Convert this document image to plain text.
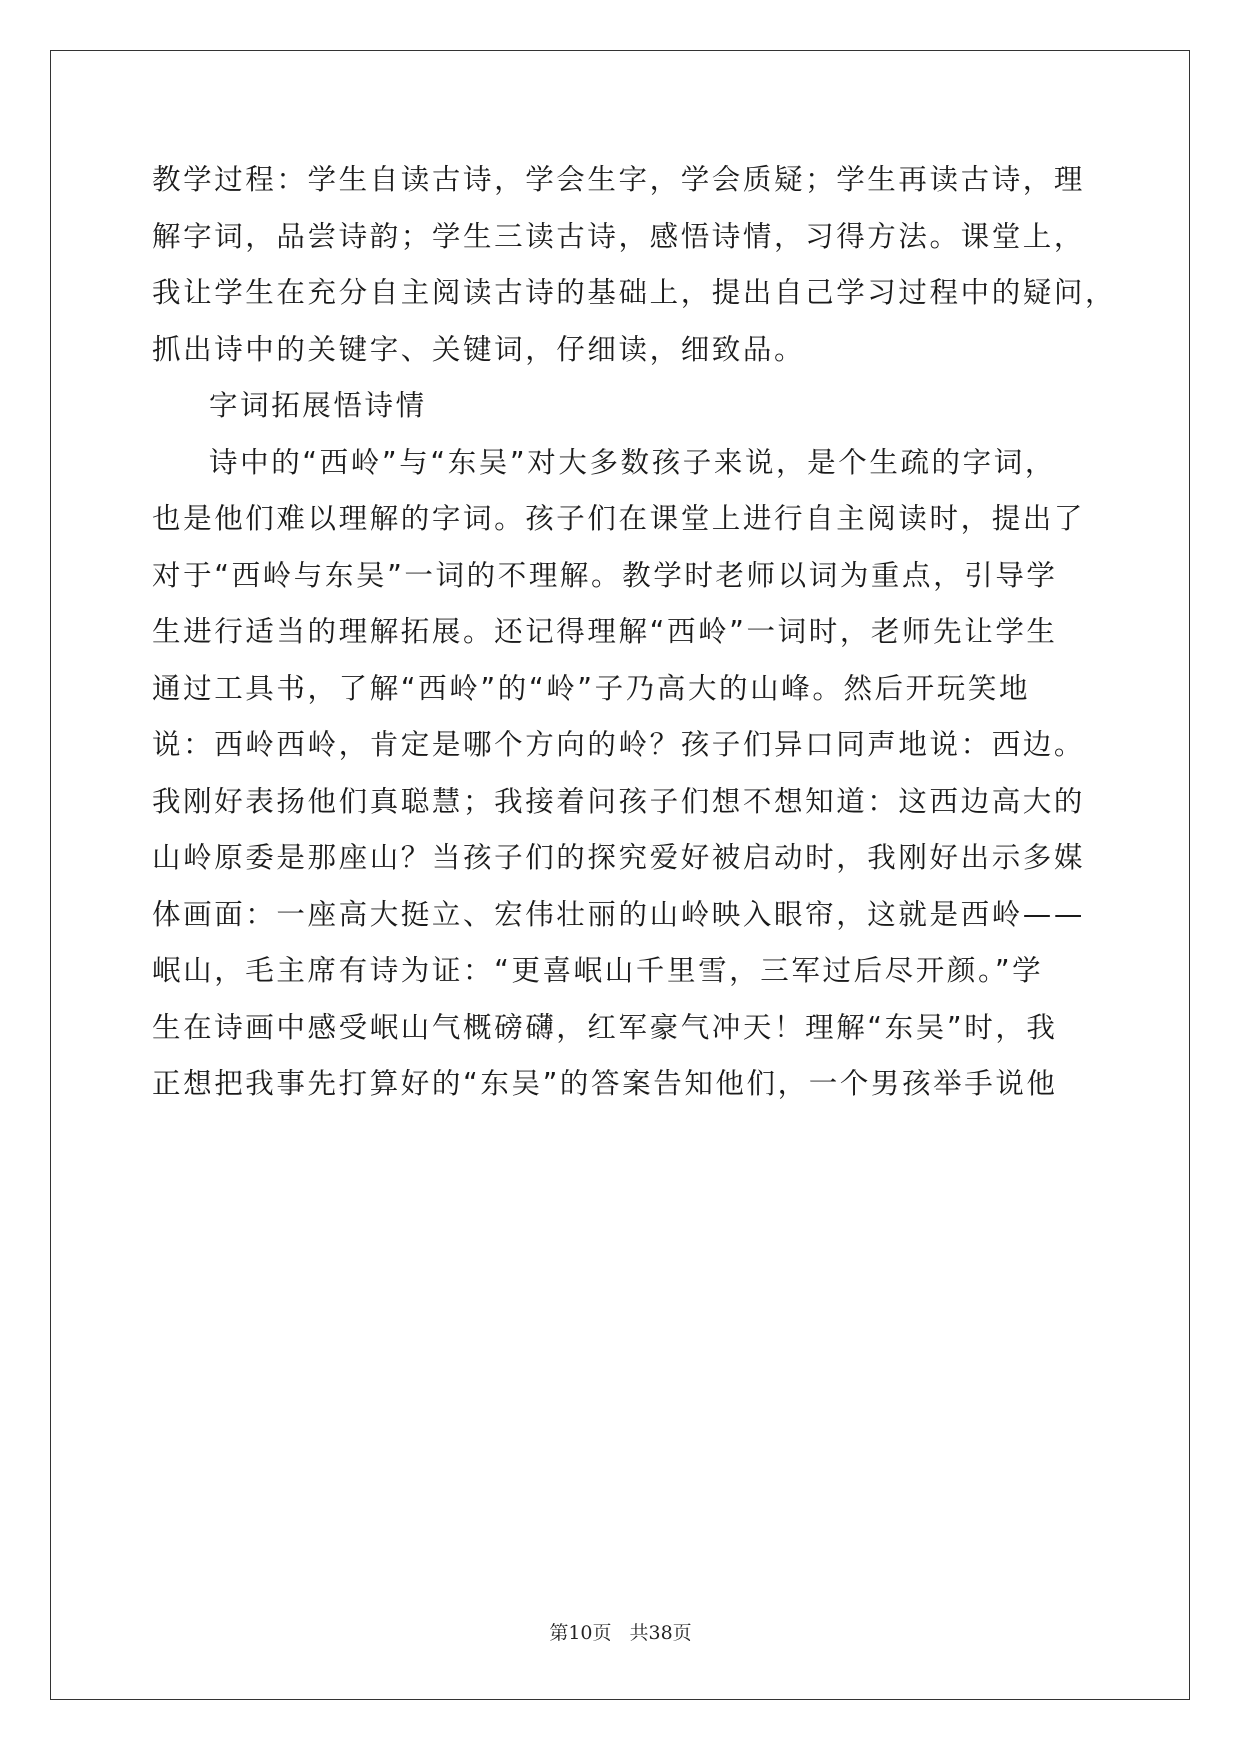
教学过程：学生自读古诗，学会生字，学会质疑；学生再读古诗，理
解字词，品尝诗韵；学生三读古诗，感悟诗情，习得方法。课堂上，
我让学生在充分自主阅读古诗的基础上，提出自己学习过程中的疑问，
抓出诗中的关键字、关键词，仔细读，细致品。
字词拓展悟诗情
诗中的“西岭”与“东吴”对大多数孩子来说，是个生疏的字词，
也是他们难以理解的字词。孩子们在课堂上进行自主阅读时，提出了
对于“西岭与东吴”一词的不理解。教学时老师以词为重点，引导学
生进行适当的理解拓展。还记得理解“西岭”一词时，老师先让学生
通过工具书，了解“西岭”的“岭”子乃高大的山峰。然后开玩笑地
说：西岭西岭，肯定是哪个方向的岭？孩子们异口同声地说：西边。
我刚好表扬他们真聪慧；我接着问孩子们想不想知道：这西边高大的
山岭原委是那座山？当孩子们的探究爱好被启动时，我刚好出示多媒
体画面：一座高大挺立、宏伟壮丽的山岭映入眼帘，这就是西岭——
岷山，毛主席有诗为证：“更喜岷山千里雪，三军过后尽开颜。”学
生在诗画中感受岷山气概磅礴，红军豪气冲天！理解“东吴”时，我
正想把我事先打算好的“东吴”的答案告知他们，一个男孩举手说他
第10页 共38页
